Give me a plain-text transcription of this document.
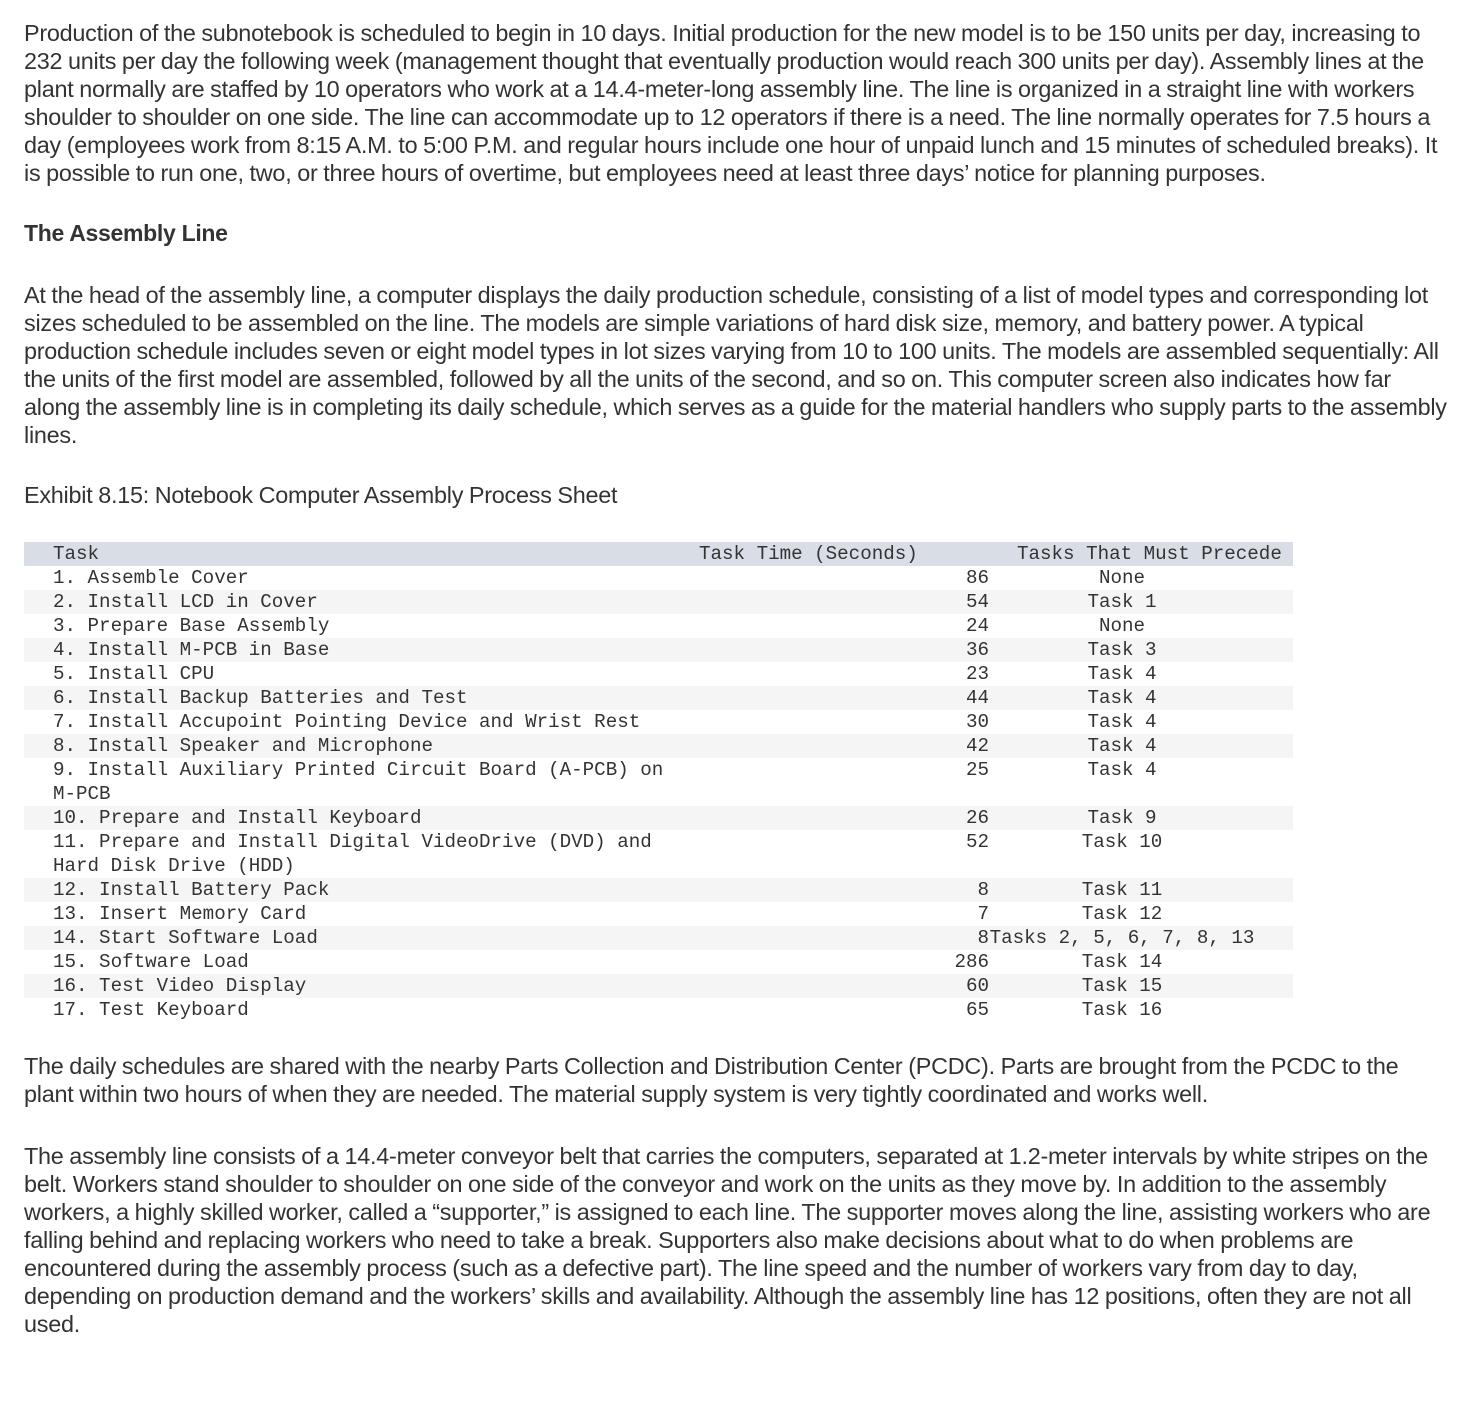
Production of the subnotebook is scheduled to begin in 10 days. Initial production for the new model is to be 150 units per day, increasing to 232 units per day the following week (management thought that eventually production would reach 300 units per day). Assembly lines at the plant normally are staffed by 10 operators who work at a 14.4-meter-long assembly line. The line is organized in a straight line with workers shoulder to shoulder on one side. The line can accommodate up to 12 operators if there is a need. The line normally operates for 7.5 hours a day (employees work from 8:15 A.M. to 5:00 P.M. and regular hours include one hour of unpaid lunch and 15 minutes of scheduled breaks). It is possible to run one, two, or three hours of overtime, but employees need at least three days’ notice for planning purposes.

The Assembly Line

At the head of the assembly line, a computer displays the daily production schedule, consisting of a list of model types and corresponding lot sizes scheduled to be assembled on the line. The models are simple variations of hard disk size, memory, and battery power. A typical production schedule includes seven or eight model types in lot sizes varying from 10 to 100 units. The models are assembled sequentially: All the units of the first model are assembled, followed by all the units of the second, and so on. This computer screen also indicates how far along the assembly line is in completing its daily schedule, which serves as a guide for the material handlers who supply parts to the assembly lines.

Exhibit 8.15: Notebook Computer Assembly Process Sheet

Task	Task Time (Seconds)	Tasks That Must Precede
1. Assemble Cover	86	None
2. Install LCD in Cover	54	Task 1
3. Prepare Base Assembly	24	None
4. Install M-PCB in Base	36	Task 3
5. Install CPU	23	Task 4
6. Install Backup Batteries and Test	44	Task 4
7. Install Accupoint Pointing Device and Wrist Rest	30	Task 4
8. Install Speaker and Microphone	42	Task 4
9. Install Auxiliary Printed Circuit Board (A-PCB) on M-PCB	25	Task 4
10. Prepare and Install Keyboard	26	Task 9
11. Prepare and Install Digital VideoDrive (DVD) and Hard Disk Drive (HDD)	52	Task 10
12. Install Battery Pack	8	Task 11
13. Insert Memory Card	7	Task 12
14. Start Software Load	8	Tasks 2, 5, 6, 7, 8, 13
15. Software Load	286	Task 14
16. Test Video Display	60	Task 15
17. Test Keyboard	65	Task 16

The daily schedules are shared with the nearby Parts Collection and Distribution Center (PCDC). Parts are brought from the PCDC to the plant within two hours of when they are needed. The material supply system is very tightly coordinated and works well.

The assembly line consists of a 14.4-meter conveyor belt that carries the computers, separated at 1.2-meter intervals by white stripes on the belt. Workers stand shoulder to shoulder on one side of the conveyor and work on the units as they move by. In addition to the assembly workers, a highly skilled worker, called a “supporter,” is assigned to each line. The supporter moves along the line, assisting workers who are falling behind and replacing workers who need to take a break. Supporters also make decisions about what to do when problems are encountered during the assembly process (such as a defective part). The line speed and the number of workers vary from day to day, depending on production demand and the workers’ skills and availability. Although the assembly line has 12 positions, often they are not all used.
